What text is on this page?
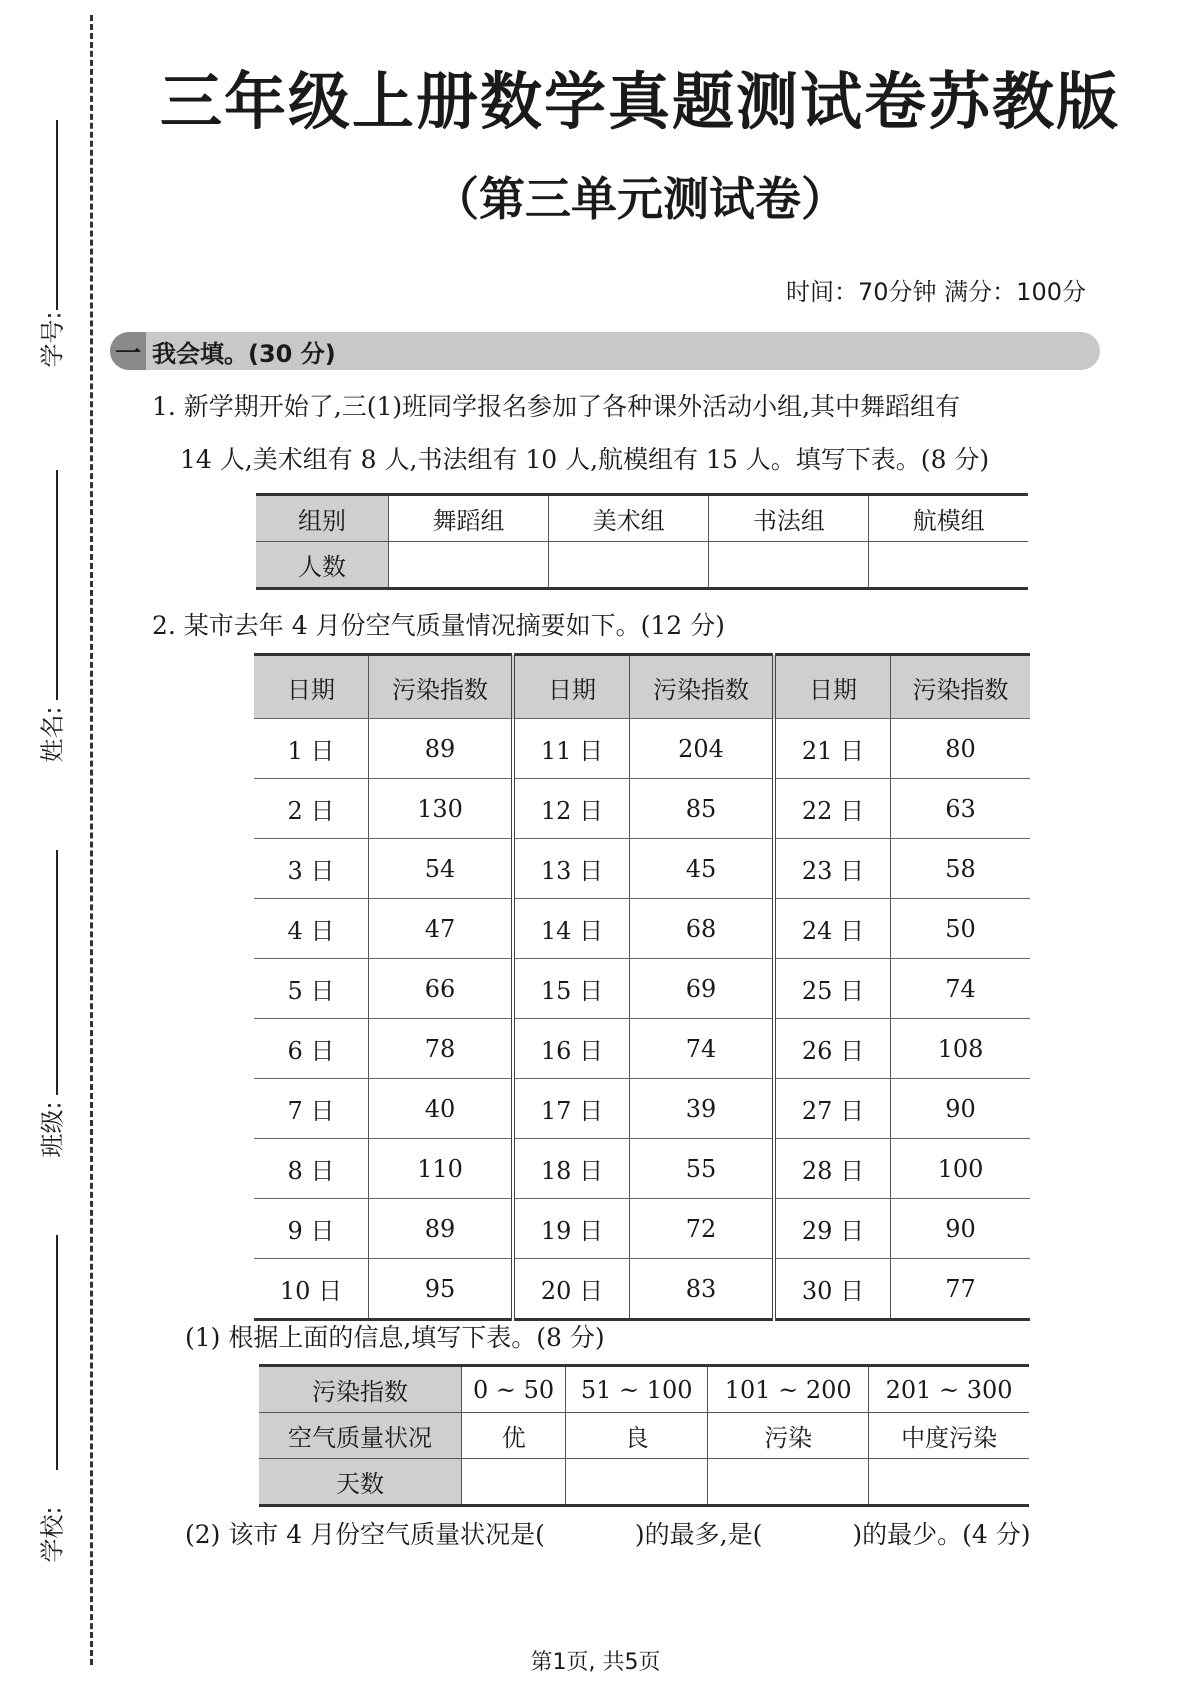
学号:
姓名:
班级:
学校:
三年级上册数学真题测试卷苏教版
（第三单元测试卷）
时间：70分钟 满分：100分
一 我会填。(30 分)
1. 新学期开始了,三(1)班同学报名参加了各种课外活动小组,其中舞蹈组有
14 人,美术组有 8 人,书法组有 10 人,航模组有 15 人。填写下表。(8 分)
组别	舞蹈组	美术组	书法组	航模组
人数				
2. 某市去年 4 月份空气质量情况摘要如下。(12 分)
日期	污染指数	日期	污染指数	日期	污染指数
1 日	89	11 日	204	21 日	80
2 日	130	12 日	85	22 日	63
3 日	54	13 日	45	23 日	58
4 日	47	14 日	68	24 日	50
5 日	66	15 日	69	25 日	74
6 日	78	16 日	74	26 日	108
7 日	40	17 日	39	27 日	90
8 日	110	18 日	55	28 日	100
9 日	89	19 日	72	29 日	90
10 日	95	20 日	83	30 日	77
(1) 根据上面的信息,填写下表。(8 分)
污染指数	0 ~ 50	51 ~ 100	101 ~ 200	201 ~ 300
空气质量状况	优	良	污染	中度污染
天数				
(2) 该市 4 月份空气质量状况是(	)的最多,是(	)的最少。(4 分)
第1页, 共5页
